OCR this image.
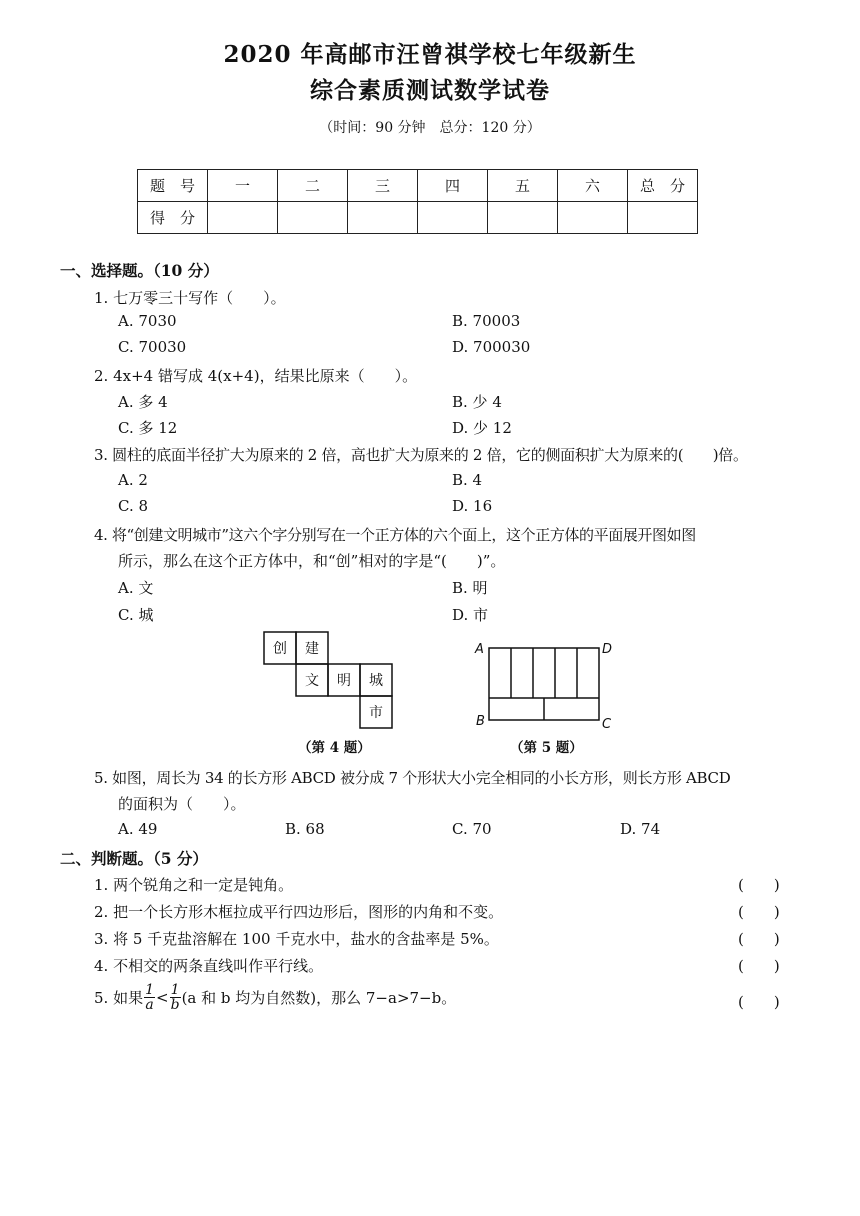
2020 年高邮市汪曾祺学校七年级新生
综合素质测试数学试卷
（时间：90 分钟　总分：120 分）
题　号	一	二	三	四	五	六	总　分
得　分							
一、选择题。（10 分）
1. 七万零三十写作（　　）。
A. 7030	B. 70003
C. 70030	D. 700030
2. 4x+4 错写成 4(x+4)，结果比原来（　　）。
A. 多 4	B. 少 4
C. 多 12	D. 少 12
3. 圆柱的底面半径扩大为原来的 2 倍，高也扩大为原来的 2 倍，它的侧面积扩大为原来的(　　)倍。
A. 2	B. 4
C. 8	D. 16
4. 将“创建文明城市”这六个字分别写在一个正方体的六个面上，这个正方体的平面展开图如图
所示，那么在这个正方体中，和“创”相对的字是“(　　)”。
A. 文	B. 明
C. 城	D. 市
创 建
文 明 城
市
（第 4 题）
A	D
B	C
（第 5 题）
5. 如图，周长为 34 的长方形 ABCD 被分成 7 个形状大小完全相同的小长方形，则长方形 ABCD
的面积为（　　）。
A. 49	B. 68	C. 70	D. 74
二、判断题。（5 分）
1. 两个锐角之和一定是钝角。	(　　)
2. 把一个长方形木框拉成平行四边形后，图形的内角和不变。	(　　)
3. 将 5 千克盐溶解在 100 千克水中，盐水的含盐率是 5%。	(　　)
4. 不相交的两条直线叫作平行线。	(　　)
5. 如果 $\frac{1}{a} < \frac{1}{b} (a$ 和 b 均为自然数)，那么 7−a>7−b。	(　　)
